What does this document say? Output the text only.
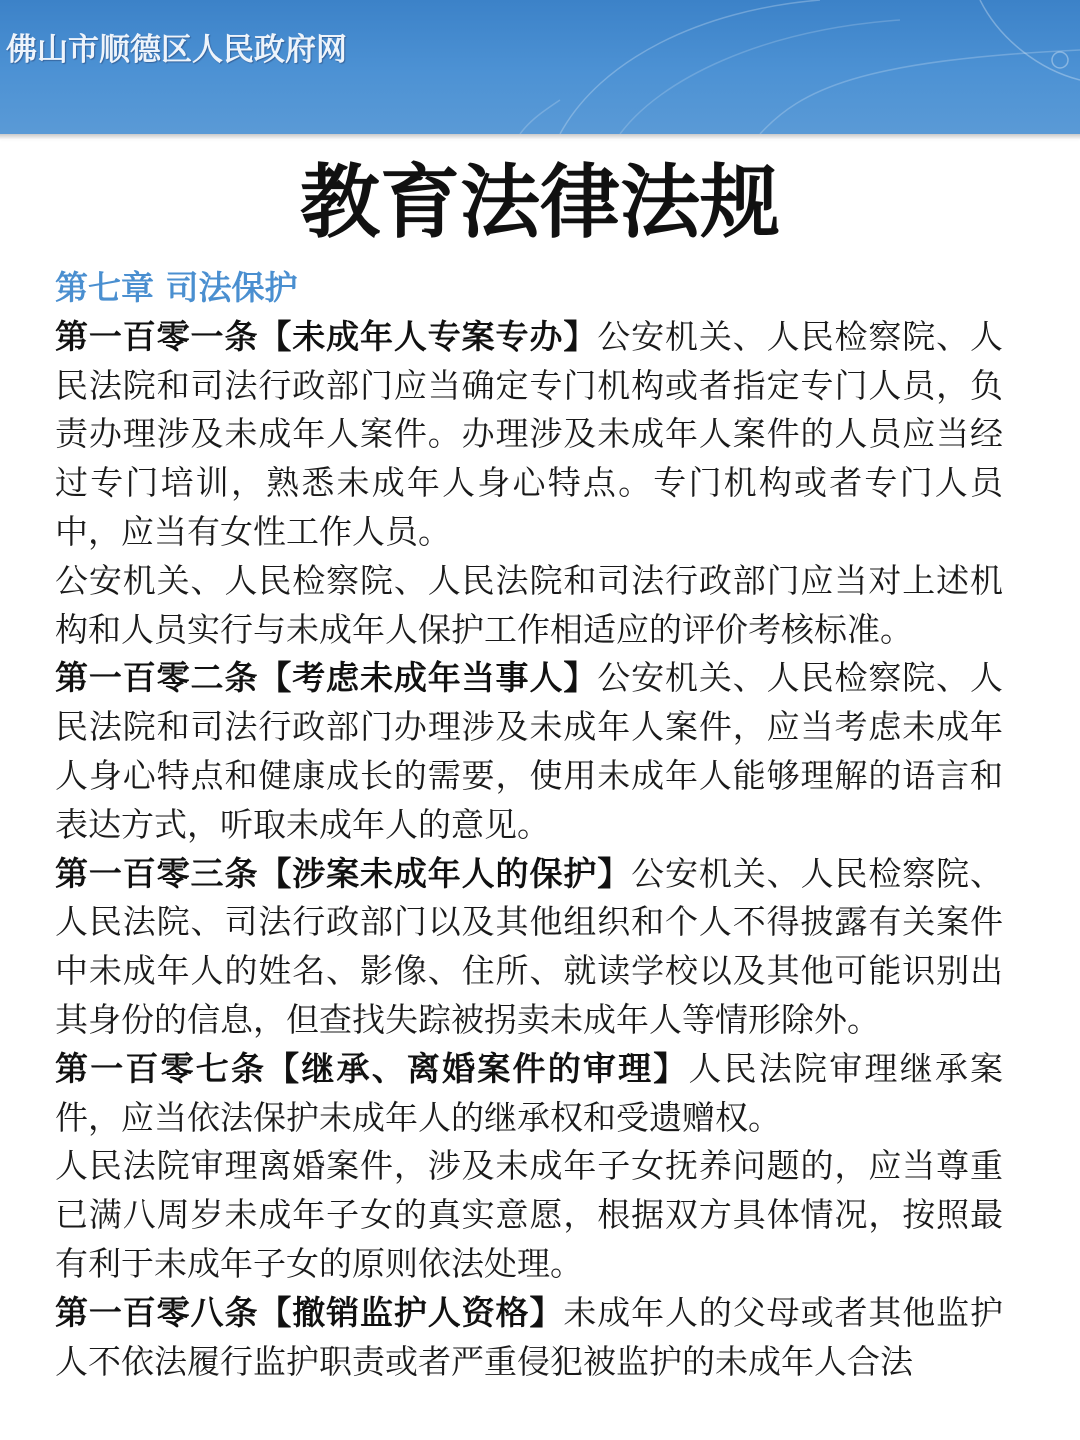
佛山市顺德区人民政府网
教育法律法规

第七章 司法保护

第一百零一条【未成年人专案专办】公安机关、人民检察院、人民法院和司法行政部门应当确定专门机构或者指定专门人员，负责办理涉及未成年人案件。办理涉及未成年人案件的人员应当经过专门培训，熟悉未成年人身心特点。专门机构或者专门人员中，应当有女性工作人员。

公安机关、人民检察院、人民法院和司法行政部门应当对上述机构和人员实行与未成年人保护工作相适应的评价考核标准。

第一百零二条【考虑未成年当事人】公安机关、人民检察院、人民法院和司法行政部门办理涉及未成年人案件，应当考虑未成年人身心特点和健康成长的需要，使用未成年人能够理解的语言和表达方式，听取未成年人的意见。

第一百零三条【涉案未成年人的保护】公安机关、人民检察院、人民法院、司法行政部门以及其他组织和个人不得披露有关案件中未成年人的姓名、影像、住所、就读学校以及其他可能识别出其身份的信息，但查找失踪被拐卖未成年人等情形除外。

第一百零七条【继承、离婚案件的审理】人民法院审理继承案件，应当依法保护未成年人的继承权和受遗赠权。

人民法院审理离婚案件，涉及未成年子女抚养问题的，应当尊重已满八周岁未成年子女的真实意愿，根据双方具体情况，按照最有利于未成年子女的原则依法处理。

第一百零八条【撤销监护人资格】未成年人的父母或者其他监护人不依法履行监护职责或者严重侵犯被监护的未成年人合法
